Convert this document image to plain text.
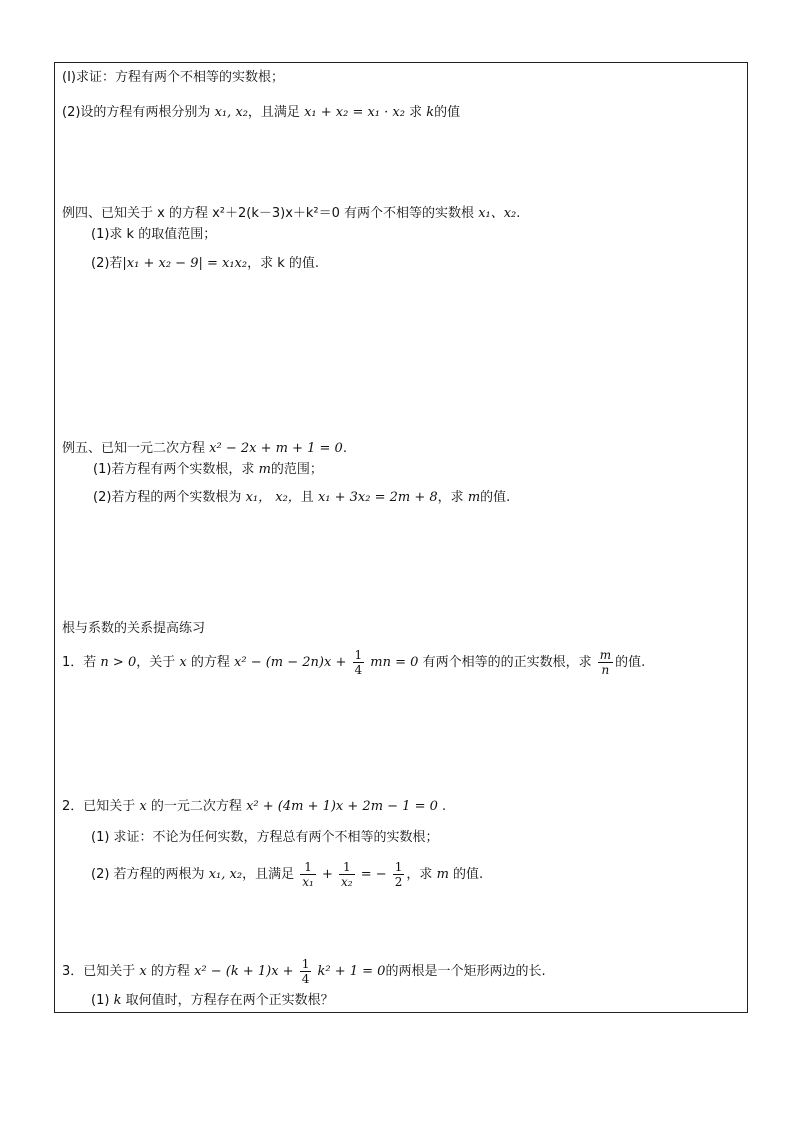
(Ⅰ)求证：方程有两个不相等的实数根；
(2)设的方程有两根分别为 x₁, x₂，且满足 x₁ + x₂ = x₁ · x₂ 求 k的值
例四、已知关于 x 的方程 x²＋2(k－3)x＋k²＝0 有两个不相等的实数根 x₁、x₂.
(1)求 k 的取值范围；
(2)若|x₁ + x₂ − 9| = x₁x₂，求 k 的值.
例五、已知一元二次方程 x² − 2x + m + 1 = 0.
(1)若方程有两个实数根，求 m的范围；
(2)若方程的两个实数根为 x₁， x₂，且 x₁ + 3x₂ = 2m + 8，求 m的值.
根与系数的关系提高练习
1．若 n > 0，关于 x 的方程 $x^2 - (m - 2n)x + \frac{1}{4}$ mn = 0 有两个相等的的正实数根，求 $\frac{m}{n}$ 的值.
2．已知关于 x 的一元二次方程 x² + (4m + 1)x + 2m − 1 = 0 .
(1) 求证：不论为任何实数，方程总有两个不相等的实数根；
(2) 若方程的两根为 x₁, x₂，且满足 $\frac{1}{\text{x₁}} + \frac{1}{\text{x₂}}$ = − $\frac{1}{2}$ ，求 m 的值.
3．已知关于 x 的方程 $x^2 - (k + 1)x + \frac{1}{4} k^2 + 1 = 0$的两根是一个矩形两边的长.
(1) k 取何值时，方程存在两个正实数根？
